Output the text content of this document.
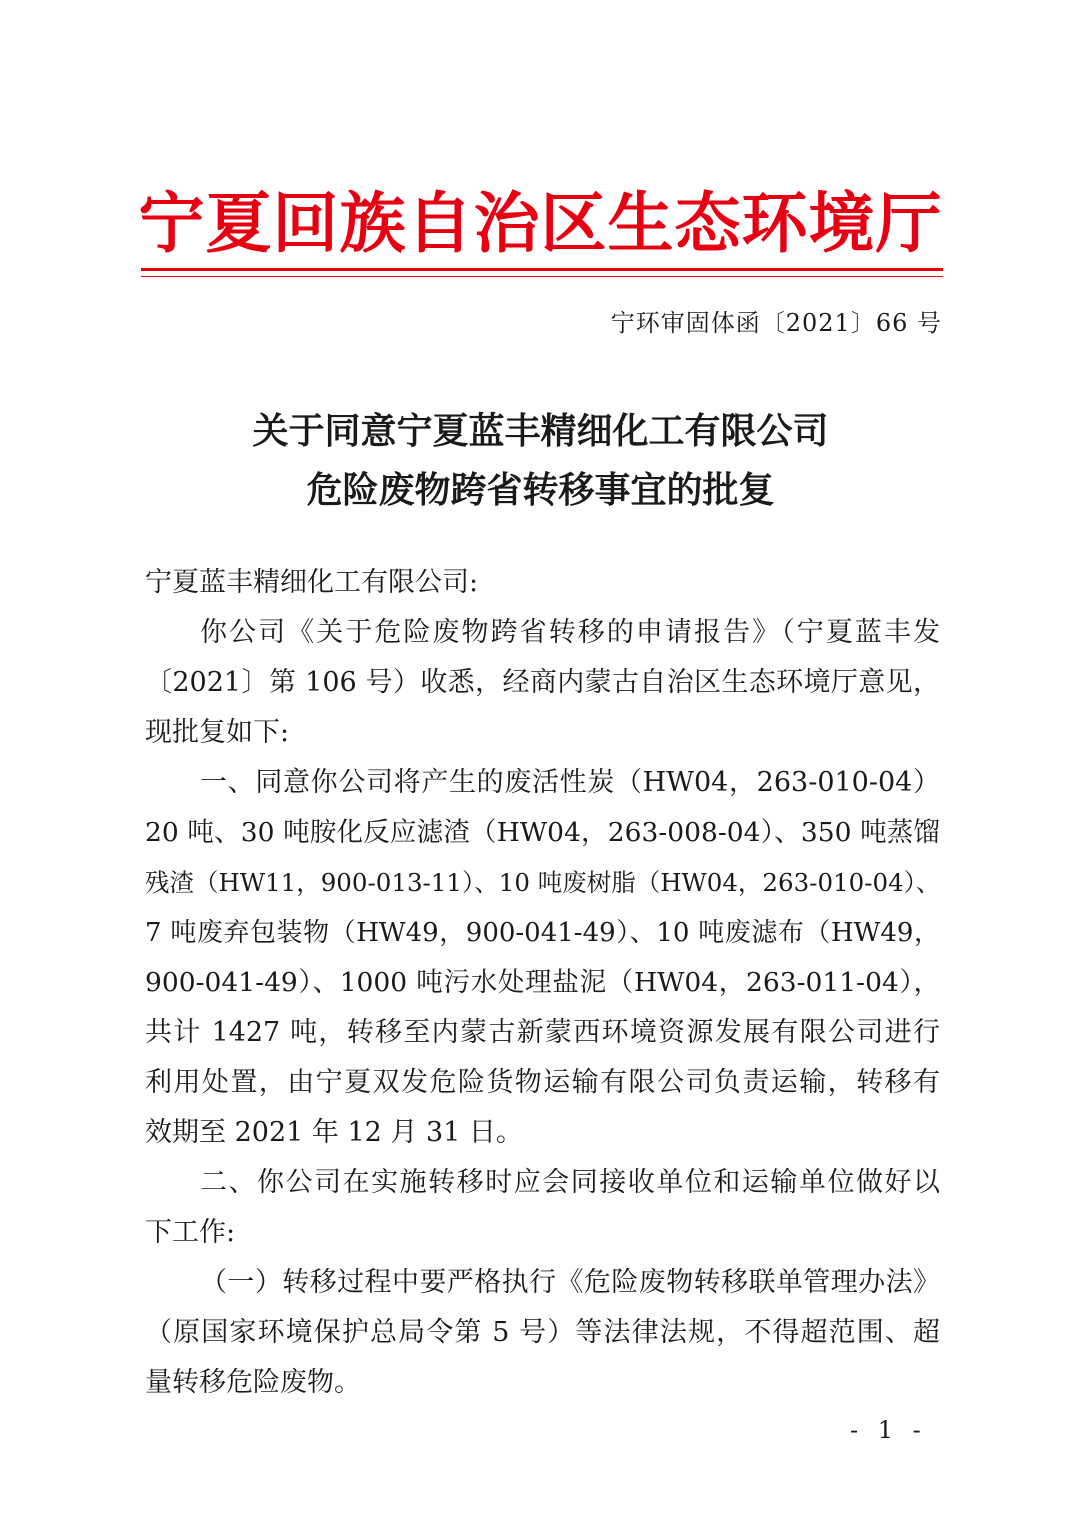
宁夏回族自治区生态环境厅
宁环审固体函〔2021〕66 号
关于同意宁夏蓝丰精细化工有限公司
危险废物跨省转移事宜的批复
宁夏蓝丰精细化工有限公司:
你公司《关于危险废物跨省转移的申请报告》（宁夏蓝丰发
〔2021〕第 106 号）收悉，经商内蒙古自治区生态环境厅意见，
现批复如下:
一、同意你公司将产生的废活性炭（HW04，263-010-04）
20 吨、30 吨胺化反应滤渣（HW04，263-008-04）、350 吨蒸馏
残渣（HW11，900-013-11）、10 吨废树脂（HW04，263-010-04）、
7 吨废弃包装物（HW49，900-041-49）、10 吨废滤布（HW49，
900-041-49）、1000 吨污水处理盐泥（HW04，263-011-04），
共计 1427 吨，转移至内蒙古新蒙西环境资源发展有限公司进行
利用处置，由宁夏双发危险货物运输有限公司负责运输，转移有
效期至 2021 年 12 月 31 日。
二、你公司在实施转移时应会同接收单位和运输单位做好以
下工作:
（一）转移过程中要严格执行《危险废物转移联单管理办法》
（原国家环境保护总局令第 5 号）等法律法规，不得超范围、超
量转移危险废物。
- 1 -
